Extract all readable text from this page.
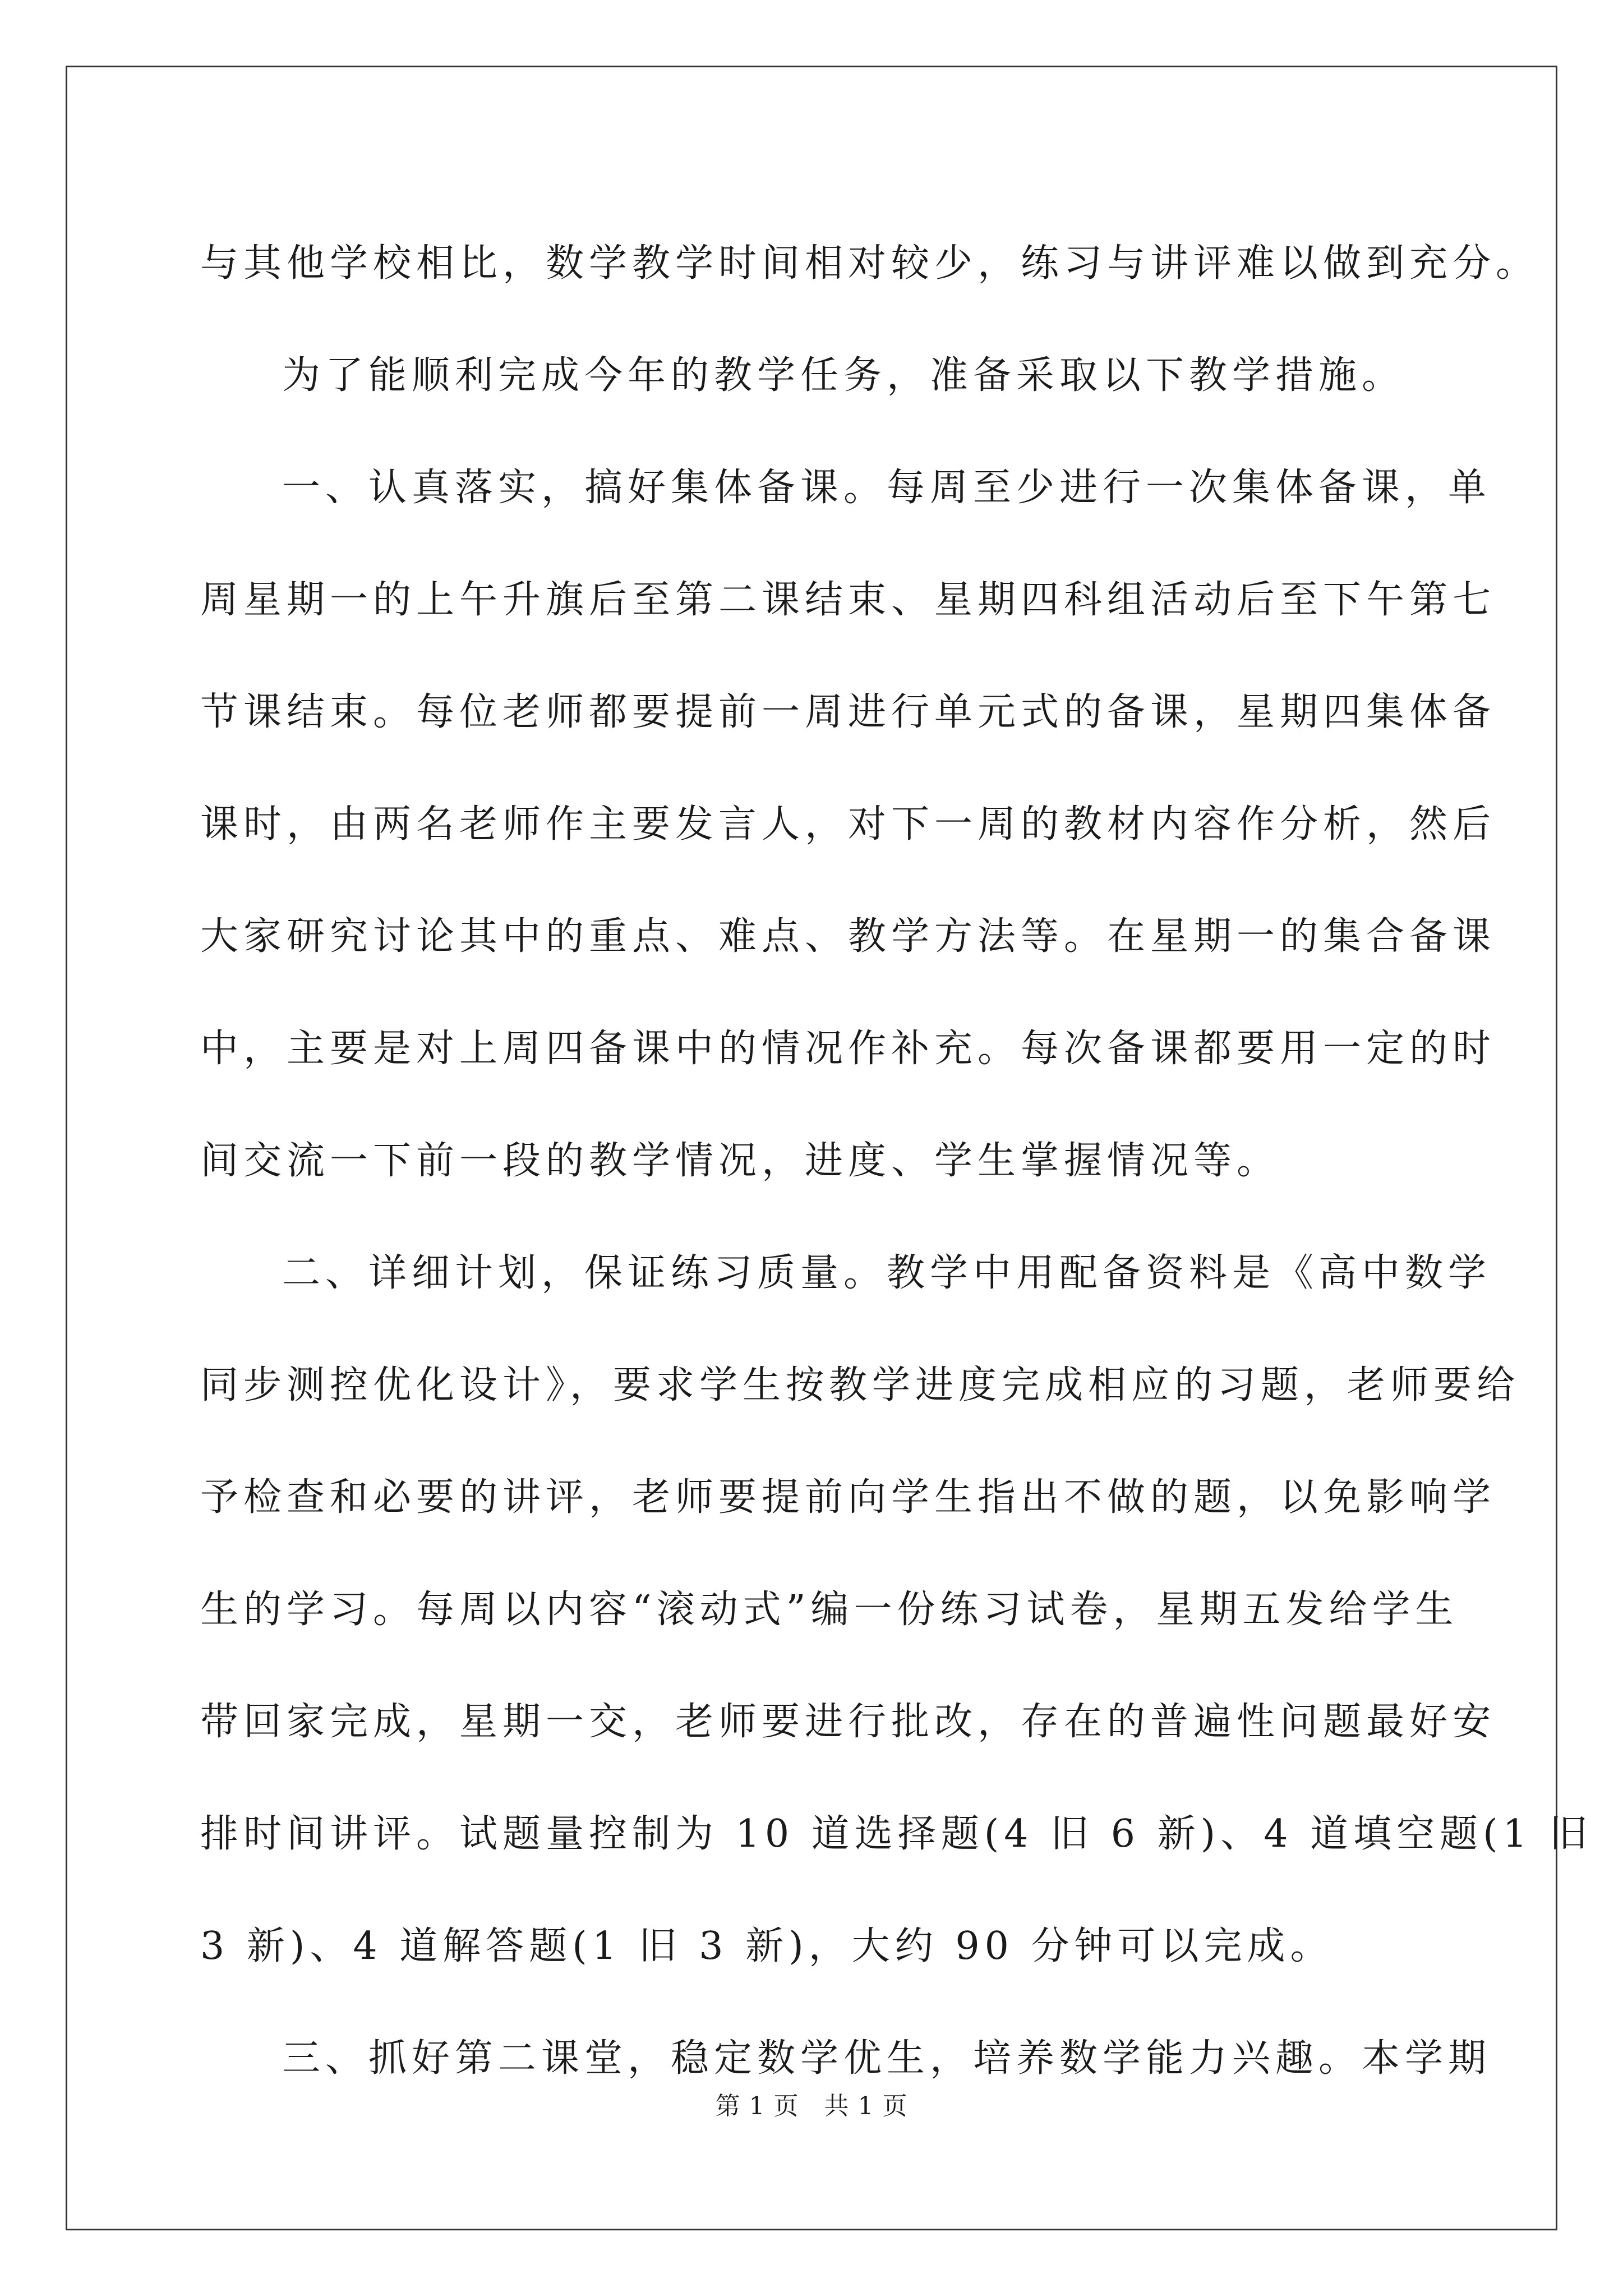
与其他学校相比，数学教学时间相对较少，练习与讲评难以做到充分。
为了能顺利完成今年的教学任务，准备采取以下教学措施。
一、认真落实，搞好集体备课。每周至少进行一次集体备课，单
周星期一的上午升旗后至第二课结束、星期四科组活动后至下午第七
节课结束。每位老师都要提前一周进行单元式的备课，星期四集体备
课时，由两名老师作主要发言人，对下一周的教材内容作分析，然后
大家研究讨论其中的重点、难点、教学方法等。在星期一的集合备课
中，主要是对上周四备课中的情况作补充。每次备课都要用一定的时
间交流一下前一段的教学情况，进度、学生掌握情况等。
二、详细计划，保证练习质量。教学中用配备资料是《高中数学
同步测控优化设计》，要求学生按教学进度完成相应的习题，老师要给
予检查和必要的讲评，老师要提前向学生指出不做的题，以免影响学
生的学习。每周以内容“滚动式”编一份练习试卷，星期五发给学生
带回家完成，星期一交，老师要进行批改，存在的普遍性问题最好安
排时间讲评。试题量控制为 10 道选择题(4 旧 6 新)、4 道填空题(1 旧
3 新)、4 道解答题(1 旧 3 新)，大约 90 分钟可以完成。
三、抓好第二课堂，稳定数学优生，培养数学能力兴趣。本学期
第 1 页　共 1 页
